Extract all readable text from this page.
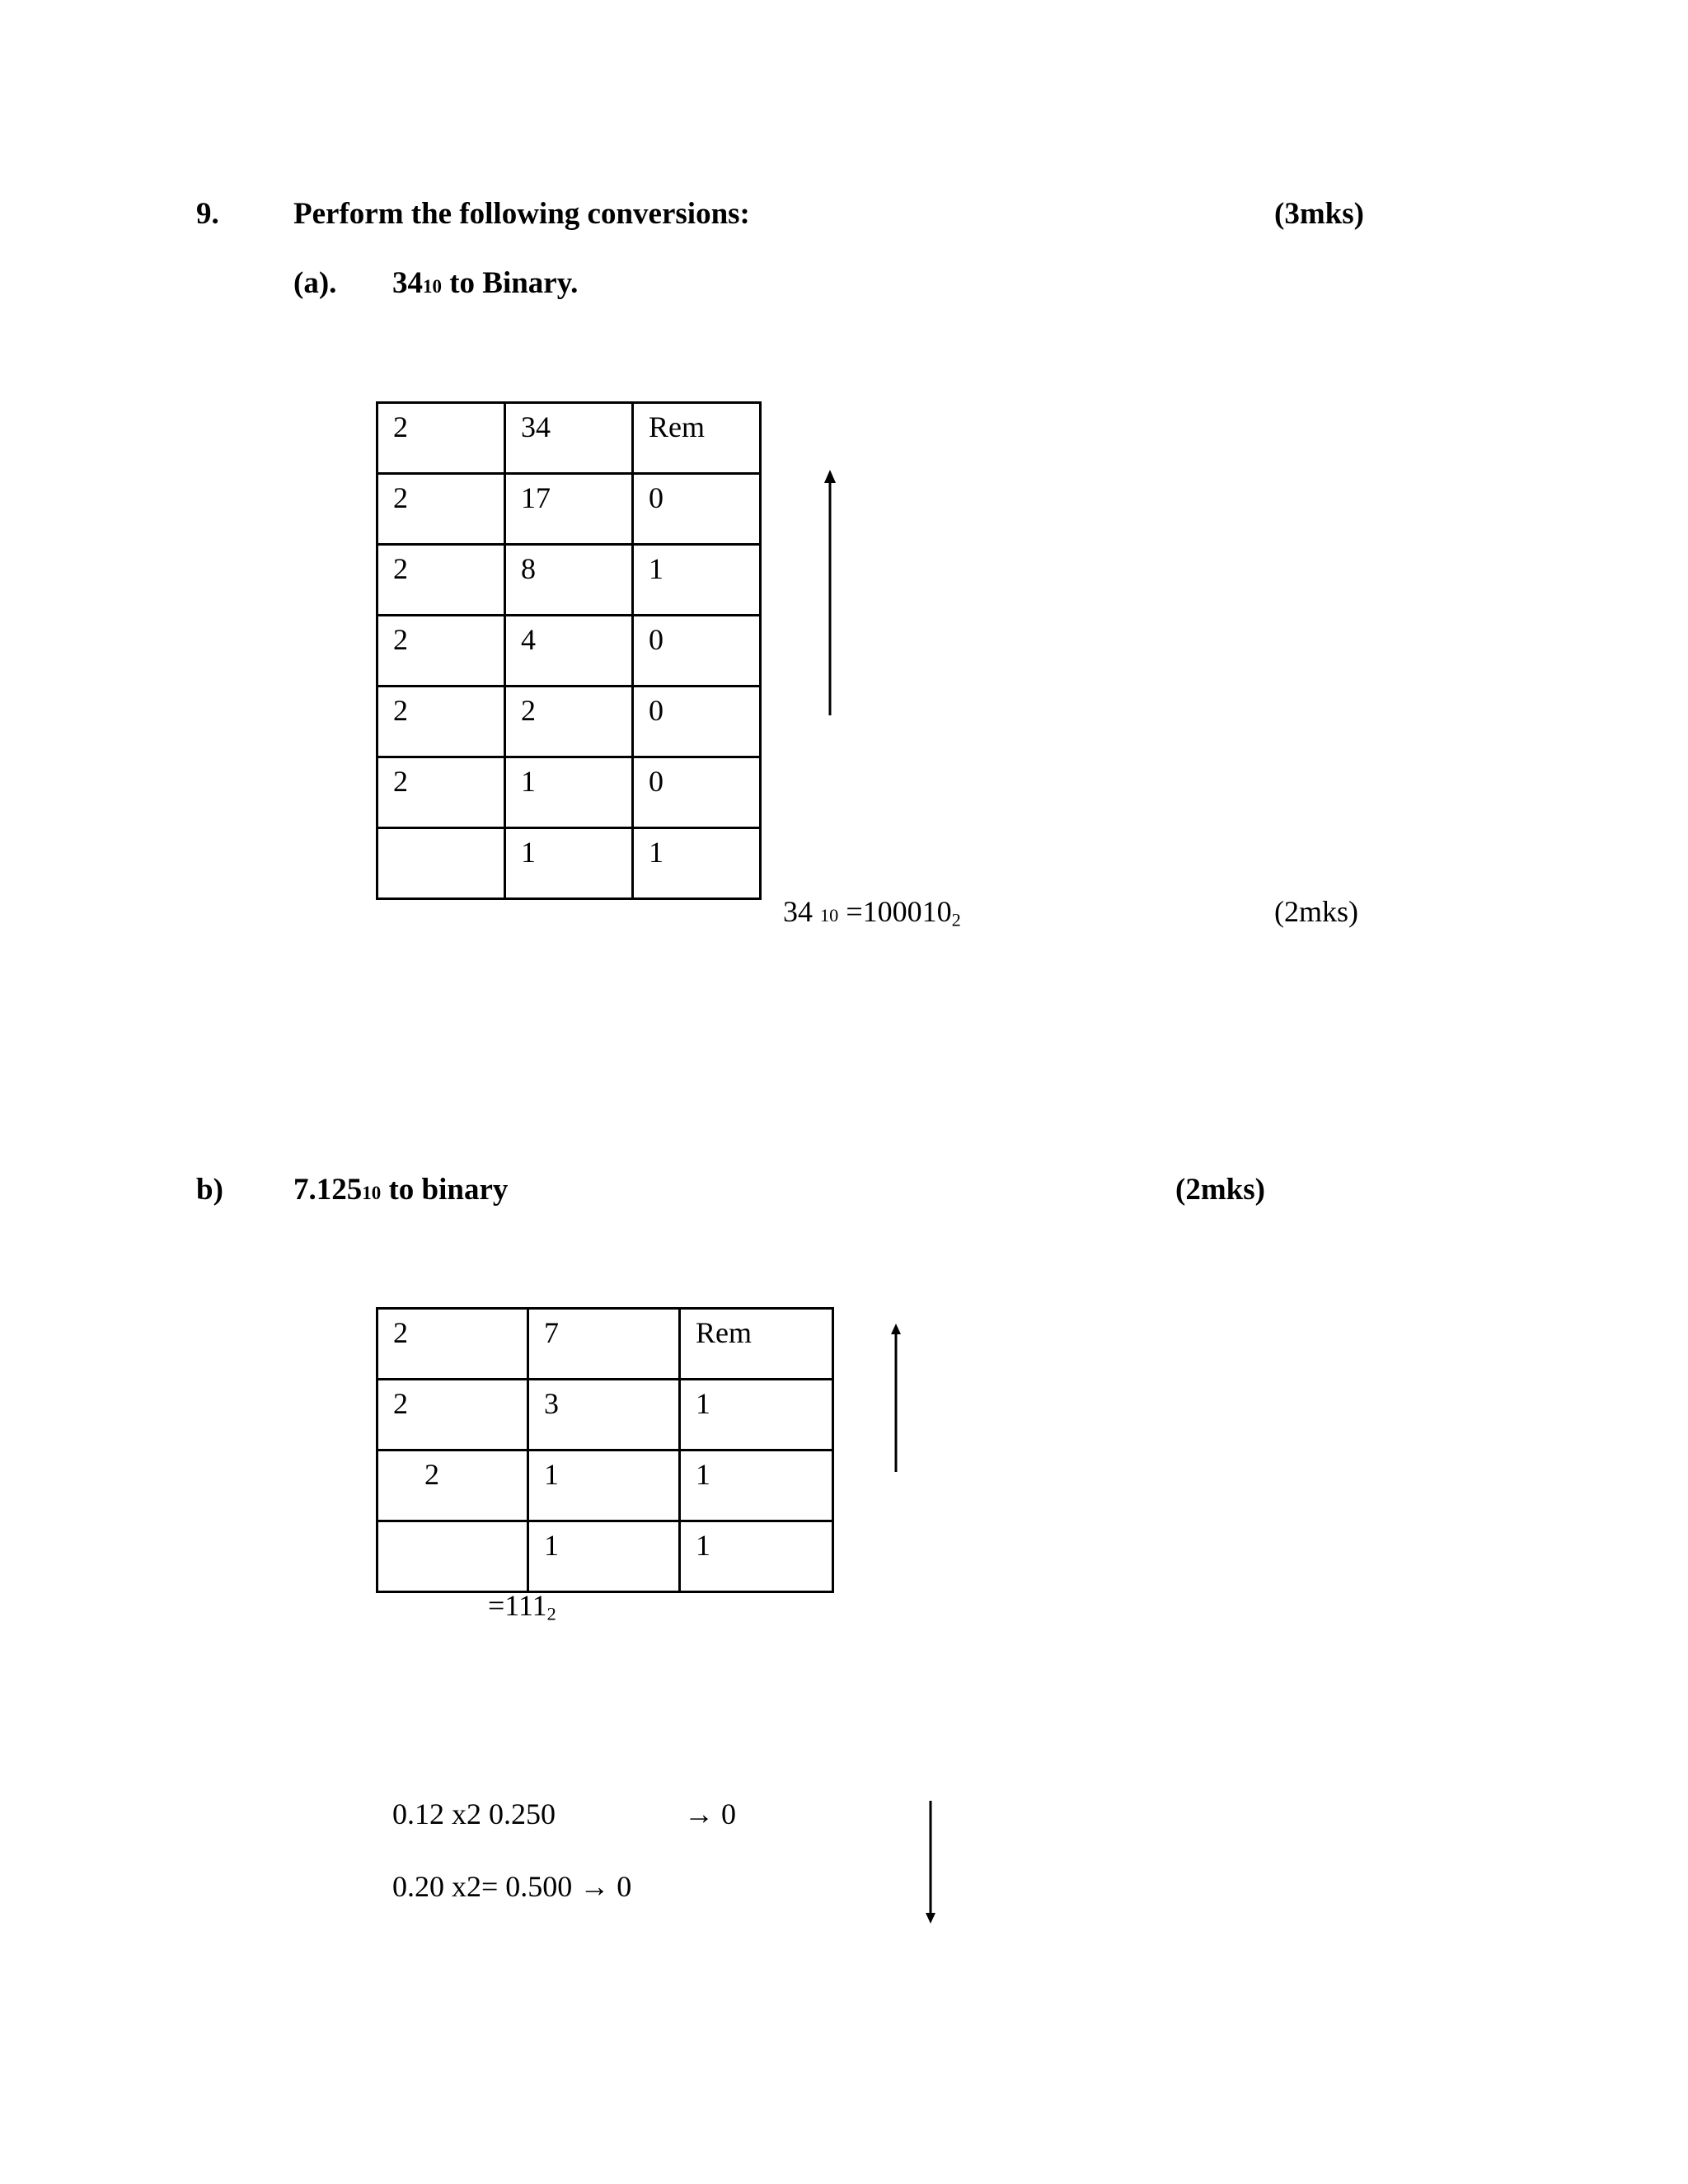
9. Perform the following conversions:	(3mks)
(a). 3410 to Binary.
2	34	Rem

2	17	0

2	8	1

2	4	0

2	2	0

2	1	0

	1	1
34 $10 =100010_2$	(2mks)
b) 7.12510 to binary	(2mks)
2	7	Rem

2	3	1

2	1	1

	1	1
$=111_2$
0.12 x2 0.250	→ 0
0.20 x2= 0.500 → 0
